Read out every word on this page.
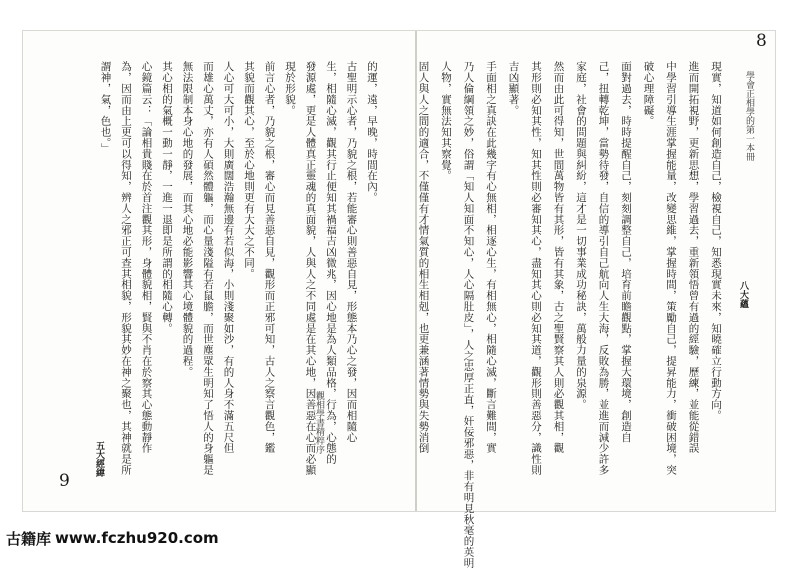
的運，遠，早晚，時間在內。
古聖明示心者，乃貌之根，若能審心則善惡自見，形態本乃心之發，因而相隨心
生，相隨心滅，觀其行止便知其禍福吉凶微兆，因心地是為人類品格，行為，心態的
發源處，更是人體真正靈魂的真面貌，人與人之不同處是在其心地，因善惡在心而必顯
現於形貌。
前言心者，乃貌之根，審心而見善惡自見，觀形而正邪可知，古人之察言觀色，鑑
其貌而觀其心，至於心地則更有大大之不同。
人心可大可小，大則廣闊浩瀚無邊有若似海，小則淺聚如沙，有的人身不滿五尺但
而雄心萬丈，亦有人碩然體軀，而心量淺隘有若鼠膽，而世塵眾生明知了悟人的身軀是
無法限制本身心地的發展，而其心地必能影響其心境體貌的過程。
其心相的氣概一動一靜，一進一退即是所謂的相隨心轉。
心鏡篇云：「論相貴賤在於首注觀其形，身體貌相，賢與不肖在於察其心態動靜作
為，因而由上更可以得知，辨人之邪正可查其相貌，形貌其妙在神之聚也，其神就是所
謂神，氣，色也。」
觀相學書精粹序
9
五大經緯
現實，知道如何創造自己，檢視自己，知悉現實未來，知曉確立行動方向。
進而開拓視野，更新思想，學習過去，重新領悟曾有過的經驗，歷練，並能從錯誤
中學習引導生涯掌握能量，改變思維，掌握時間，策勵自己，提昇能力，衝破困境，突
破心理障礙。
面對過去，時時提醒自己，刻刻調整自己，培育前瞻觀點，掌握大環境，創造自
己，扭轉乾坤，當勢待發，自信的導引自己航向人生大海，反敗為勝，並進而減少許多
家庭，社會的問題與糾紛，這才是一切事業成功秘訣，萬般力量的泉源。
然而由此可得知，世間萬物皆有其形，皆有其象，古之聖賢察其人則必觀其相，觀
其形則必知其性，知其性則必審知其心，盡知其心則必知其道，觀形則善惡分，識性則
吉凶顯著。
手面相之真訣在此幾字有心無相，相逐心生，有相無心，相隨心滅，斷言難間，實
乃人倫綱領之妙，俗謂「知人知面不知心，人心隔肚皮」，人之忠厚正直，奸佞邪惡，非有明見秋毫的英明
人物，實無法知其察覺。
固人與人之間的適合，不僅僅有才情氣質的相生相剋，也更兼涵著情勢與失勢消倒	學會正相學的第一本冊
8
八大蘊
古籍库 www.fczhu920.com
